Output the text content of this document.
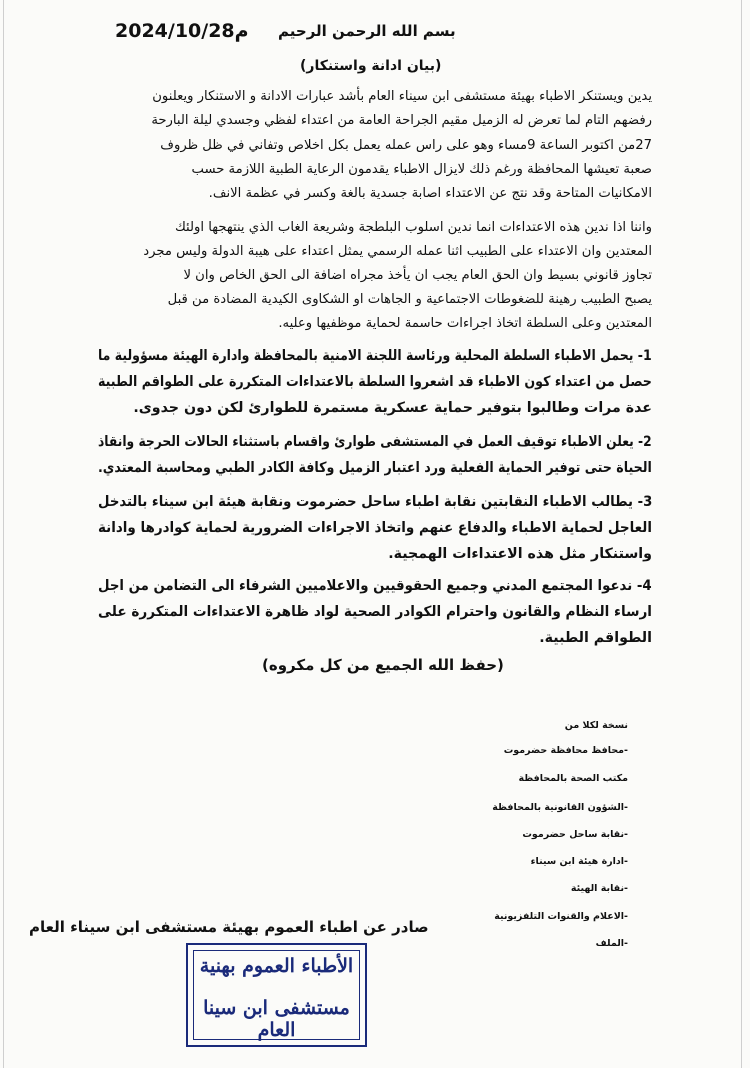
بسم الله الرحمن الرحيم
2024/10/28م
(بيان ادانة واستنكار)
يدين ويستنكر الاطباء بهيئة مستشفى ابن سيناء العام بأشد عبارات الادانة و الاستنكار ويعلنون
رفضهم التام لما تعرض له الزميل مقيم الجراحة العامة من اعتداء لفظي وجسدي ليلة البارحة
27من اكتوبر الساعة 9مساء وهو على راس عمله يعمل بكل اخلاص وتفاني في ظل ظروف
صعبة تعيشها المحافظة ورغم ذلك لايزال الاطباء يقدمون الرعاية الطبية اللازمة حسب
الامكانيات المتاحة وقد نتج عن الاعتداء اصابة جسدية بالغة وكسر في عظمة الانف.
واننا اذا ندين هذه الاعتداءات انما ندين اسلوب البلطجة وشريعة الغاب الذي ينتهجها اولئك
المعتدين وان الاعتداء على الطبيب اثنا عمله الرسمي يمثل اعتداء على هيبة الدولة وليس مجرد
تجاوز قانوني بسيط وان الحق العام يجب ان يأخذ مجراه اضافة الى الحق الخاص وان لا
يصبح الطبيب رهينة للضغوطات الاجتماعية و الجاهات او الشكاوى الكيدية المضادة من قبل
المعتدين وعلى السلطة اتخاذ اجراءات حاسمة لحماية موظفيها وعليه.
1- يحمل الاطباء السلطة المحلية ورئاسة اللجنة الامنية بالمحافظة وادارة الهيئة مسؤولية ما
حصل من اعتداء كون الاطباء قد اشعروا السلطة بالاعتداءات المتكررة على الطواقم الطبية
عدة مرات وطالبوا بتوفير حماية عسكرية مستمرة للطوارئ لكن دون جدوى.
2- يعلن الاطباء توقيف العمل في المستشفى طوارئ واقسام باستثناء الحالات الحرجة وانقاذ
الحياة حتى توفير الحماية الفعلية ورد اعتبار الزميل وكافة الكادر الطبي ومحاسبة المعتدي.
3- يطالب الاطباء النقابتين نقابة اطباء ساحل حضرموت ونقابة هيئة ابن سيناء بالتدخل
العاجل لحماية الاطباء والدفاع عنهم واتخاذ الاجراءات الضرورية لحماية كوادرها وادانة
واستنكار مثل هذه الاعتداءات الهمجية.
4- ندعوا المجتمع المدني وجميع الحقوقيين والاعلاميين الشرفاء الى التضامن من اجل
ارساء النظام والقانون واحترام الكوادر الصحية لواد ظاهرة الاعتداءات المتكررة على
الطواقم الطبية.
(حفظ الله الجميع من كل مكروه)
نسخة لكلا من
-محافظ محافظة حضرموت
مكتب الصحة بالمحافظة
-الشؤون القانونية بالمحافظة
-نقابة ساحل حضرموت
-ادارة هيئة ابن سيناء
-نقابة الهيئة
-الاعلام والقنوات التلفزيونية
-الملف
صادر عن اطباء العموم بهيئة مستشفى ابن سيناء العام
الأطباء العموم بهنية
مستشفى ابن سينا العام
